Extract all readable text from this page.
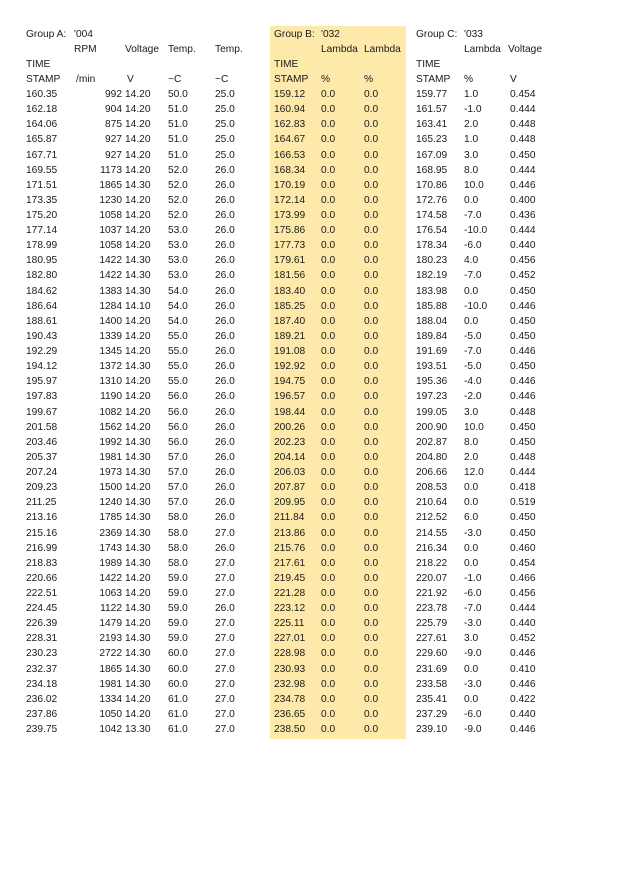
Group A: '004	Group B: '032	Group C: '033
RPM	Voltage Temp. Temp.	Lambda Lambda	Lambda Voltage
TIME	TIME	TIME
STAMP /min	V	~C	~C	STAMP %	%	STAMP %	V
160.35	992 14.20 50.0	25.0	159.12 0.0	0.0	159.77 1.0	0.454
162.18	904 14.20 51.0	25.0	160.94 0.0	0.0	161.57 -1.0	0.444
164.06	875 14.20 51.0	25.0	162.83 0.0	0.0	163.41 2.0	0.448
165.87	927 14.20 51.0	25.0	164.67 0.0	0.0	165.23 1.0	0.448
167.71	927 14.20 51.0	25.0	166.53 0.0	0.0	167.09 3.0	0.450
169.55	1173 14.20 52.0	26.0	168.34 0.0	0.0	168.95 8.0	0.444
171.51	1865 14.30 52.0	26.0	170.19 0.0	0.0	170.86 10.0	0.446
173.35	1230 14.20 52.0	26.0	172.14 0.0	0.0	172.76 0.0	0.400
175.20	1058 14.20 52.0	26.0	173.99 0.0	0.0	174.58 -7.0	0.436
177.14	1037 14.20 53.0	26.0	175.86 0.0	0.0	176.54 -10.0 0.444
178.99	1058 14.20 53.0	26.0	177.73 0.0	0.0	178.34 -6.0	0.440
180.95	1422 14.30 53.0	26.0	179.61 0.0	0.0	180.23 4.0	0.456
182.80	1422 14.30 53.0	26.0	181.56 0.0	0.0	182.19 -7.0	0.452
184.62	1383 14.30 54.0	26.0	183.40 0.0	0.0	183.98 0.0	0.450
186.64	1284 14.10 54.0	26.0	185.25 0.0	0.0	185.88 -10.0 0.446
188.61	1400 14.20 54.0	26.0	187.40 0.0	0.0	188.04 0.0	0.450
190.43	1339 14.20 55.0	26.0	189.21 0.0	0.0	189.84 -5.0	0.450
192.29	1345 14.20 55.0	26.0	191.08 0.0	0.0	191.69 -7.0	0.446
194.12	1372 14.30 55.0	26.0	192.92 0.0	0.0	193.51 -5.0	0.450
195.97	1310 14.20 55.0	26.0	194.75 0.0	0.0	195.36 -4.0	0.446
197.83	1190 14.20 56.0	26.0	196.57 0.0	0.0	197.23 -2.0	0.446
199.67	1082 14.20 56.0	26.0	198.44 0.0	0.0	199.05 3.0	0.448
201.58	1562 14.20 56.0	26.0	200.26 0.0	0.0	200.90 10.0	0.450
203.46	1992 14.30 56.0	26.0	202.23 0.0	0.0	202.87 8.0	0.450
205.37	1981 14.30 57.0	26.0	204.14 0.0	0.0	204.80 2.0	0.448
207.24	1973 14.30 57.0	26.0	206.03 0.0	0.0	206.66 12.0	0.444
209.23	1500 14.20 57.0	26.0	207.87 0.0	0.0	208.53 0.0	0.418
211.25	1240 14.30 57.0	26.0	209.95 0.0	0.0	210.64 0.0	0.519
213.16	1785 14.30 58.0	26.0	211.84 0.0	0.0	212.52 6.0	0.450
215.16	2369 14.30 58.0	27.0	213.86 0.0	0.0	214.55 -3.0	0.450
216.99	1743 14.30 58.0	26.0	215.76 0.0	0.0	216.34 0.0	0.460
218.83	1989 14.30 58.0	27.0	217.61 0.0	0.0	218.22 0.0	0.454
220.66	1422 14.20 59.0	27.0	219.45 0.0	0.0	220.07 -1.0	0.466
222.51	1063 14.20 59.0	27.0	221.28 0.0	0.0	221.92 -6.0	0.456
224.45	1122 14.30 59.0	26.0	223.12 0.0	0.0	223.78 -7.0	0.444
226.39	1479 14.20 59.0	27.0	225.11 0.0	0.0	225.79 -3.0	0.440
228.31	2193 14.30 59.0	27.0	227.01 0.0	0.0	227.61 3.0	0.452
230.23	2722 14.30 60.0	27.0	228.98 0.0	0.0	229.60 -9.0	0.446
232.37	1865 14.30 60.0	27.0	230.93 0.0	0.0	231.69 0.0	0.410
234.18	1981 14.30 60.0	27.0	232.98 0.0	0.0	233.58 -3.0	0.446
236.02	1334 14.20 61.0	27.0	234.78 0.0	0.0	235.41 0.0	0.422
237.86	1050 14.20 61.0	27.0	236.65 0.0	0.0	237.29 -6.0	0.440
239.75	1042 13.30 61.0	27.0	238.50 0.0	0.0	239.10 -9.0	0.446
